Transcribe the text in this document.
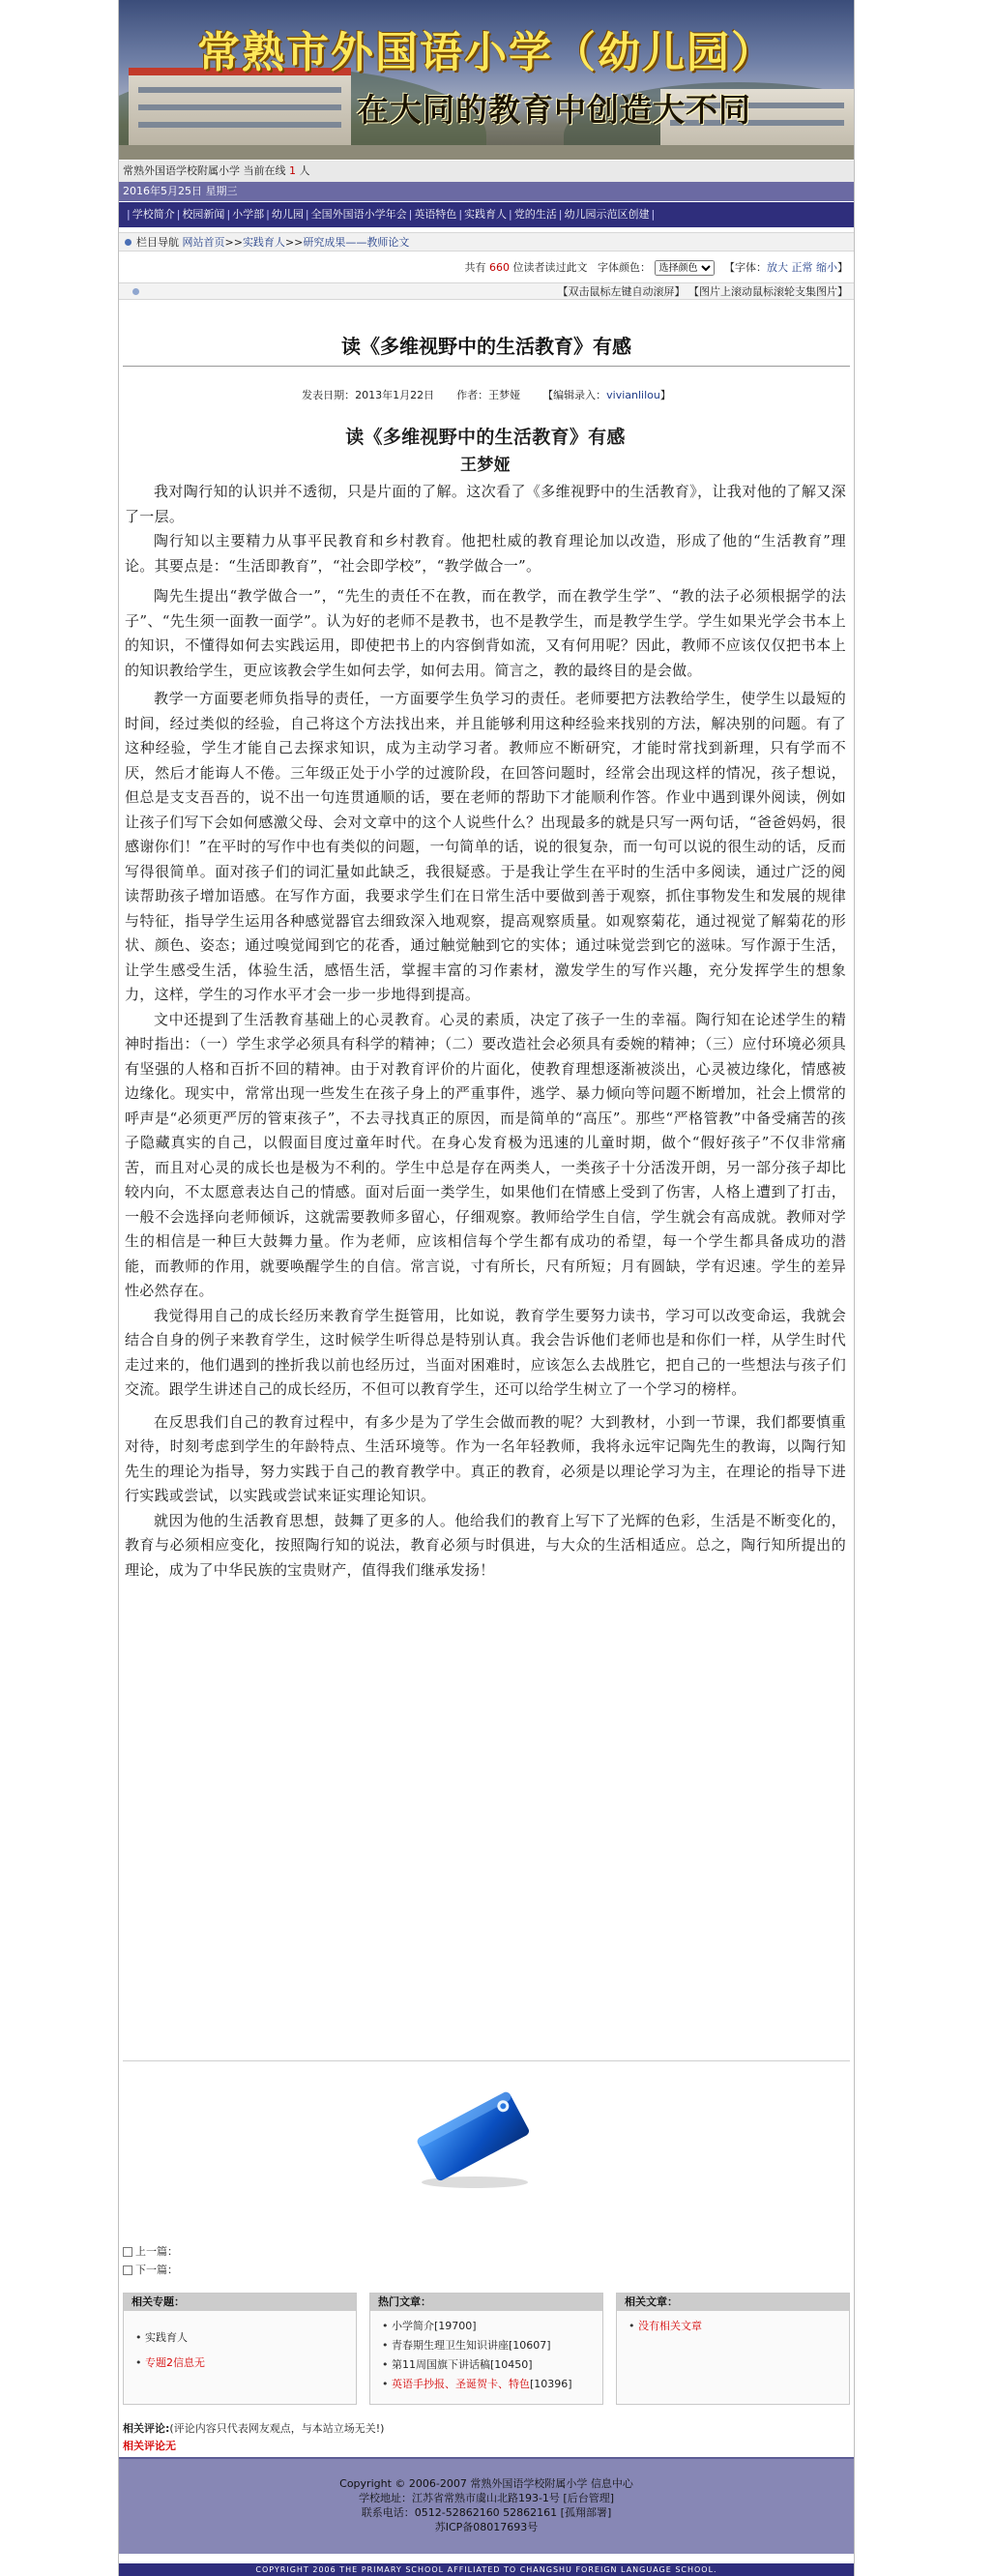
常熟市外国语小学（幼儿园）
在大同的教育中创造大不同
常熟外国语学校附属小学 当前在线 1 人
2016年5月25日 星期三
| 学校简介 | 校园新闻 | 小学部 | 幼儿园 | 全国外国语小学年会 | 英语特色 | 实践育人 | 党的生活 | 幼儿园示范区创建 |
栏目导航 网站首页>>实践育人>>研究成果——教师论文
共有 660 位读者读过此文 字体颜色：
选择颜色	【字体：放大 正常 缩小】
【双击鼠标左键自动滚屏】 【图片上滚动鼠标滚轮支集图片】
读《多维视野中的生活教育》有感
发表日期：2013年1月22日 作者：王梦娅 【编辑录入：vivianlilou】
读《多维视野中的生活教育》有感
王梦娅

我对陶行知的认识并不透彻，只是片面的了解。这次看了《多维视野中的生活教育》，让我对他的了解又深了一层。

陶行知以主要精力从事平民教育和乡村教育。他把杜威的教育理论加以改造，形成了他的“生活教育”理论。其要点是：“生活即教育”，“社会即学校”，“教学做合一”。

陶先生提出“教学做合一”，“先生的责任不在教，而在教学，而在教学生学”、“教的法子必须根据学的法子”、“先生须一面教一面学”。认为好的老师不是教书，也不是教学生，而是教学生学。学生如果光学会书本上的知识，不懂得如何去实践运用，即使把书上的内容倒背如流，又有何用呢？因此，教师不应该仅仅把书本上的知识教给学生，更应该教会学生如何去学，如何去用。简言之，教的最终目的是会做。

教学一方面要老师负指导的责任，一方面要学生负学习的责任。老师要把方法教给学生，使学生以最短的时间，经过类似的经验，自己将这个方法找出来，并且能够利用这种经验来找别的方法，解决别的问题。有了这种经验，学生才能自己去探求知识，成为主动学习者。教师应不断研究，才能时常找到新理，只有学而不厌，然后才能诲人不倦。三年级正处于小学的过渡阶段，在回答问题时，经常会出现这样的情况，孩子想说，但总是支支吾吾的，说不出一句连贯通顺的话，要在老师的帮助下才能顺利作答。作业中遇到课外阅读，例如让孩子们写下会如何感激父母、会对文章中的这个人说些什么？出现最多的就是只写一两句话，“爸爸妈妈，很感谢你们！”在平时的写作中也有类似的问题，一句简单的话，说的很复杂，而一句可以说的很生动的话，反而写得很简单。面对孩子们的词汇量如此缺乏，我很疑惑。于是我让学生在平时的生活中多阅读，通过广泛的阅读帮助孩子增加语感。在写作方面，我要求学生们在日常生活中要做到善于观察，抓住事物发生和发展的规律与特征，指导学生运用各种感觉器官去细致深入地观察，提高观察质量。如观察菊花，通过视觉了解菊花的形状、颜色、姿态；通过嗅觉闻到它的花香，通过触觉触到它的实体；通过味觉尝到它的滋味。写作源于生活，让学生感受生活，体验生活，感悟生活，掌握丰富的习作素材，激发学生的写作兴趣，充分发挥学生的想象力，这样，学生的习作水平才会一步一步地得到提高。

文中还提到了生活教育基础上的心灵教育。心灵的素质，决定了孩子一生的幸福。陶行知在论述学生的精神时指出：（一）学生求学必须具有科学的精神；（二）要改造社会必须具有委婉的精神；（三）应付环境必须具有坚强的人格和百折不回的精神。由于对教育评价的片面化，使教育理想逐渐被淡出，心灵被边缘化，情感被边缘化。现实中，常常出现一些发生在孩子身上的严重事件，逃学、暴力倾向等问题不断增加，社会上惯常的呼声是“必须更严厉的管束孩子”，不去寻找真正的原因，而是简单的“高压”。那些“严格管教”中备受痛苦的孩子隐藏真实的自己，以假面目度过童年时代。在身心发育极为迅速的儿童时期，做个“假好孩子”不仅非常痛苦，而且对心灵的成长也是极为不利的。学生中总是存在两类人，一类孩子十分活泼开朗，另一部分孩子却比较内向，不太愿意表达自己的情感。面对后面一类学生，如果他们在情感上受到了伤害，人格上遭到了打击，一般不会选择向老师倾诉，这就需要教师多留心，仔细观察。教师给学生自信，学生就会有高成就。教师对学生的相信是一种巨大鼓舞力量。作为老师，应该相信每个学生都有成功的希望，每一个学生都具备成功的潜能，而教师的作用，就要唤醒学生的自信。常言说，寸有所长，尺有所短；月有圆缺，学有迟速。学生的差异性必然存在。

我觉得用自己的成长经历来教育学生挺管用，比如说，教育学生要努力读书，学习可以改变命运，我就会结合自身的例子来教育学生，这时候学生听得总是特别认真。我会告诉他们老师也是和你们一样，从学生时代走过来的，他们遇到的挫折我以前也经历过，当面对困难时，应该怎么去战胜它，把自己的一些想法与孩子们交流。跟学生讲述自己的成长经历，不但可以教育学生，还可以给学生树立了一个学习的榜样。

在反思我们自己的教育过程中，有多少是为了学生会做而教的呢？大到教材，小到一节课，我们都要慎重对待，时刻考虑到学生的年龄特点、生活环境等。作为一名年轻教师，我将永远牢记陶先生的教诲，以陶行知先生的理论为指导，努力实践于自己的教育教学中。真正的教育，必须是以理论学习为主，在理论的指导下进行实践或尝试，以实践或尝试来证实理论知识。

就因为他的生活教育思想，鼓舞了更多的人。他给我们的教育上写下了光辉的色彩，生活是不断变化的，教育与必须相应变化，按照陶行知的说法，教育必须与时俱进，与大众的生活相适应。总之，陶行知所提出的理论，成为了中华民族的宝贵财产，值得我们继承发扬！

上一篇：
下一篇：
相关专题：
• 实践育人
• 专题2信息无
热门文章：
• 小学简介[19700]
• 青春期生理卫生知识讲座[10607]
• 第11周国旗下讲话稿[10450]
• 英语手抄报、圣诞贺卡、特色[10396]
相关文章：
• 没有相关文章
相关评论:(评论内容只代表网友观点，与本站立场无关!)
相关评论无
Copyright © 2006-2007 常熟外国语学校附属小学 信息中心
学校地址：江苏省常熟市虞山北路193-1号 [后台管理]
联系电话：0512-52862160 52862161 [孤翔部署]
苏ICP备08017693号
COPYRIGHT 2006 THE PRIMARY SCHOOL AFFILIATED TO CHANGSHU FOREIGN LANGUAGE SCHOOL.
